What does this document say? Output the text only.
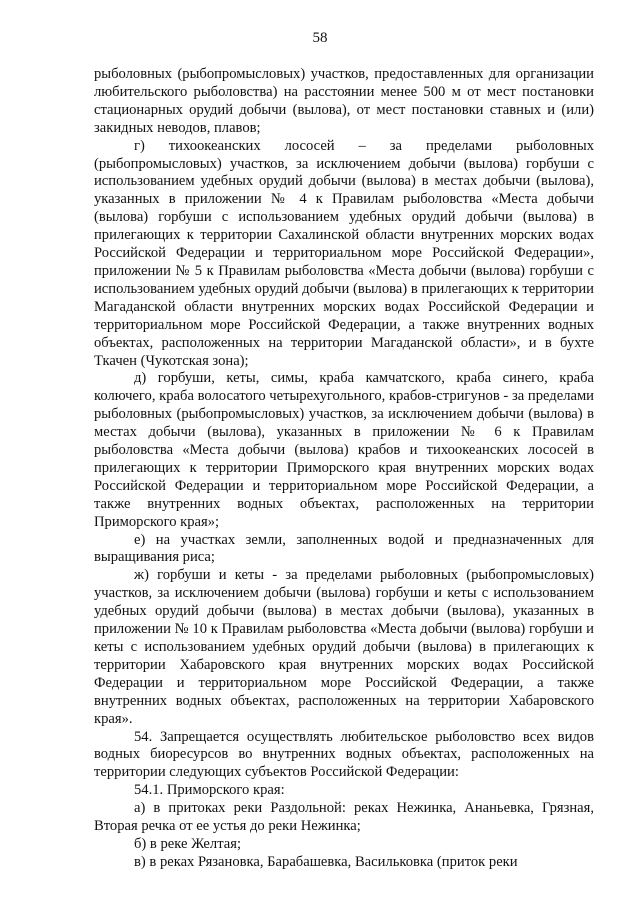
58

рыболовных (рыбопромысловых) участков, предоставленных для организации любительского рыболовства) на расстоянии менее 500 м от мест постановки стационарных орудий добычи (вылова), от мест постановки ставных и (или) закидных неводов, плавов;

г) тихоокеанских лососей – за пределами рыболовных (рыбопромысловых) участков, за исключением добычи (вылова) горбуши с использованием удебных орудий добычи (вылова) в местах добычи (вылова), указанных в приложении № 4 к Правилам рыболовства «Места добычи (вылова) горбуши с использованием удебных орудий добычи (вылова) в прилегающих к территории Сахалинской области внутренних морских водах Российской Федерации и территориальном море Российской Федерации», приложении № 5 к Правилам рыболовства «Места добычи (вылова) горбуши с использованием удебных орудий добычи (вылова) в прилегающих к территории Магаданской области внутренних морских водах Российской Федерации и территориальном море Российской Федерации, а также внутренних водных объектах, расположенных на территории Магаданской области», и в бухте Ткачен (Чукотская зона);

д) горбуши, кеты, симы, краба камчатского, краба синего, краба колючего, краба волосатого четырехугольного, крабов-стригунов - за пределами рыболовных (рыбопромысловых) участков, за исключением добычи (вылова) в местах добычи (вылова), указанных в приложении № 6 к Правилам рыболовства «Места добычи (вылова) крабов и тихоокеанских лососей в прилегающих к территории Приморского края внутренних морских водах Российской Федерации и территориальном море Российской Федерации, а также внутренних водных объектах, расположенных на территории Приморского края»;

е) на участках земли, заполненных водой и предназначенных для выращивания риса;

ж) горбуши и кеты - за пределами рыболовных (рыбопромысловых) участков, за исключением добычи (вылова) горбуши и кеты с использованием удебных орудий добычи (вылова) в местах добычи (вылова), указанных в приложении № 10 к Правилам рыболовства «Места добычи (вылова) горбуши и кеты с использованием удебных орудий добычи (вылова) в прилегающих к территории Хабаровского края внутренних морских водах Российской Федерации и территориальном море Российской Федерации, а также внутренних водных объектах, расположенных на территории Хабаровского края».

54. Запрещается осуществлять любительское рыболовство всех видов водных биоресурсов во внутренних водных объектах, расположенных на территории следующих субъектов Российской Федерации:

54.1. Приморского края:

а) в притоках реки Раздольной: реках Нежинка, Ананьевка, Грязная, Вторая речка от ее устья до реки Нежинка;

б) в реке Желтая;

в) в реках Рязановка, Барабашевка, Васильковка (приток реки
